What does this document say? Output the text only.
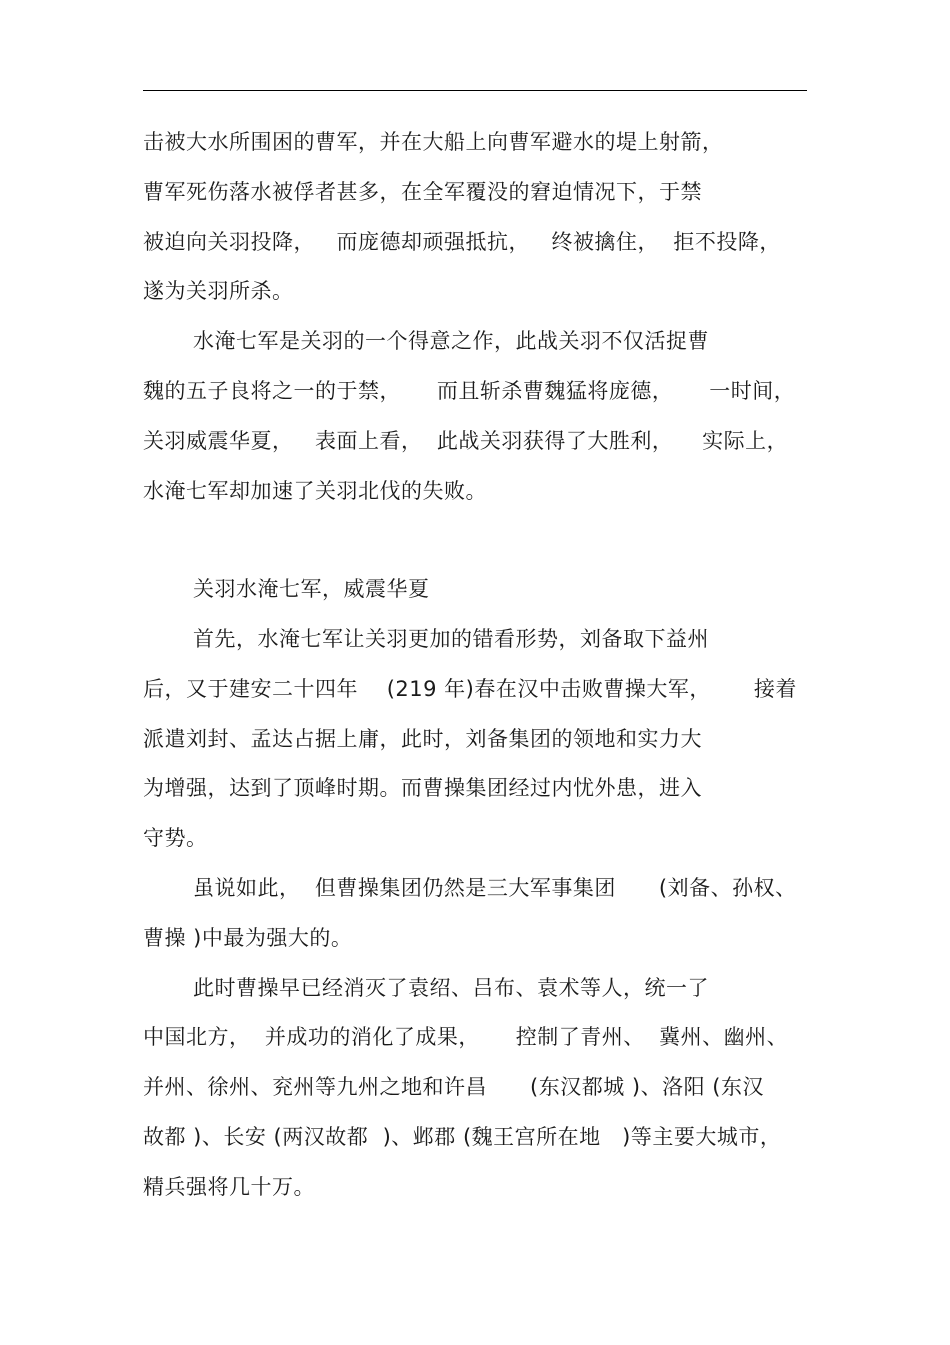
击被大水所围困的曹军，并在大船上向曹军避水的堤上射箭，
曹军死伤落水被俘者甚多，在全军覆没的窘迫情况下，于禁
被迫向关羽投降，   而庞德却顽强抵抗，   终被擒住，  拒不投降，
遂为关羽所杀。
水淹七军是关羽的一个得意之作，此战关羽不仅活捉曹
魏的五子良将之一的于禁，     而且斩杀曹魏猛将庞德，     一时间，
关羽威震华夏，   表面上看，  此战关羽获得了大胜利，    实际上，
水淹七军却加速了关羽北伐的失败。
关羽水淹七军，威震华夏
首先，水淹七军让关羽更加的错看形势，刘备取下益州
后，又于建安二十四年    (219 年)春在汉中击败曹操大军，      接着
派遣刘封、孟达占据上庸，此时，刘备集团的领地和实力大
为增强，达到了顶峰时期。而曹操集团经过内忧外患，进入
守势。
虽说如此，  但曹操集团仍然是三大军事集团      (刘备、孙权、
曹操 )中最为强大的。
此时曹操早已经消灭了袁绍、吕布、袁术等人，统一了
中国北方，  并成功的消化了成果，     控制了青州、  冀州、幽州、
并州、徐州、兖州等九州之地和许昌      (东汉都城 )、洛阳 (东汉
故都 )、长安 (两汉故都  )、邺郡 (魏王宫所在地   )等主要大城市，
精兵强将几十万。
